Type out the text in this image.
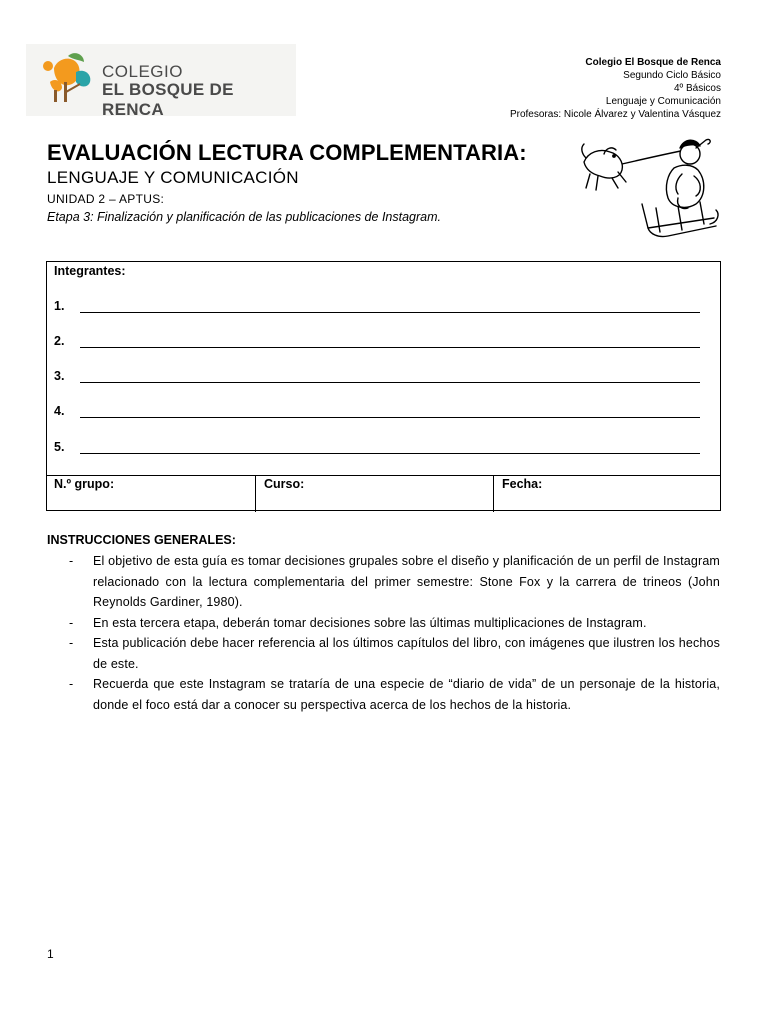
COLEGIO
EL BOSQUE DE RENCA
Colegio El Bosque de Renca
Segundo Ciclo Básico
4º Básicos
Lenguaje y Comunicación
Profesoras: Nicole Álvarez y Valentina Vásquez
EVALUACIÓN LECTURA COMPLEMENTARIA:
LENGUAJE Y COMUNICACIÓN
UNIDAD 2 – APTUS:
Etapa 3: Finalización y planificación de las publicaciones de Instagram.
Integrantes:
1.
2.
3.
4.
5.
N.º grupo:	Curso:	Fecha:
INSTRUCCIONES GENERALES:
- El objetivo de esta guía es tomar decisiones grupales sobre el diseño y planificación de un perfil de Instagram relacionado con la lectura complementaria del primer semestre: Stone Fox y la carrera de trineos (John Reynolds Gardiner, 1980).
- En esta tercera etapa, deberán tomar decisiones sobre las últimas multiplicaciones de Instagram.
- Esta publicación debe hacer referencia al los últimos capítulos del libro, con imágenes que ilustren los hechos de este.
- Recuerda que este Instagram se trataría de una especie de “diario de vida” de un personaje de la historia, donde el foco está dar a conocer su perspectiva acerca de los hechos de la historia.
1
